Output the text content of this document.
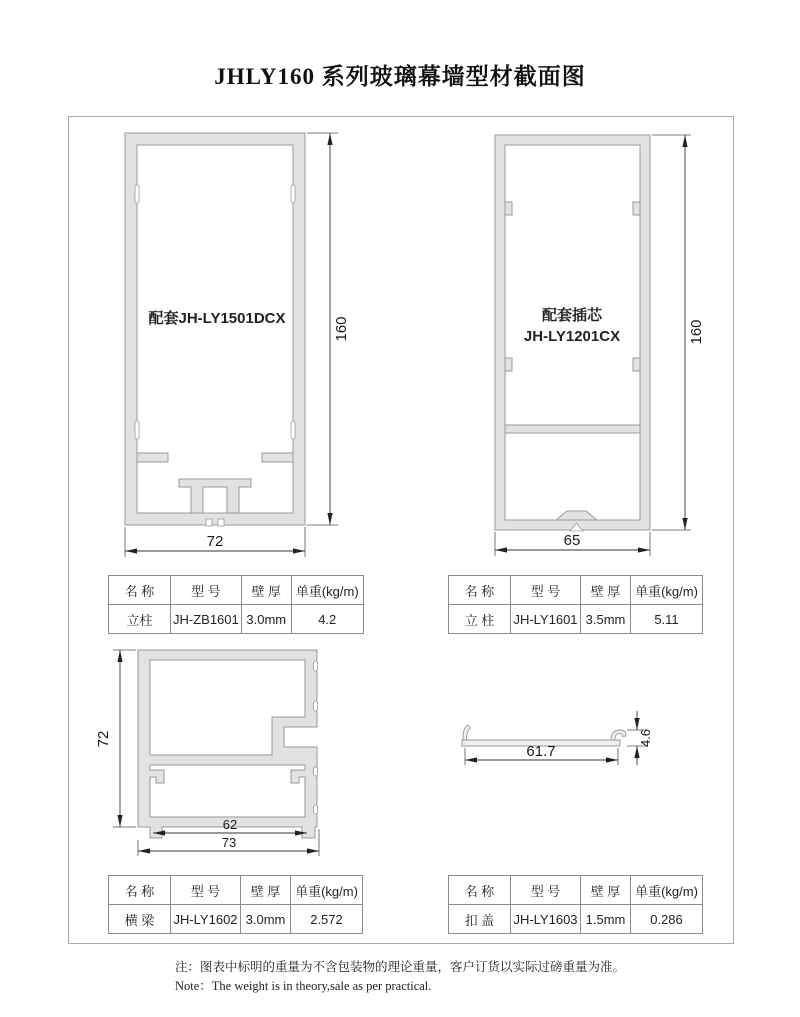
JHLY160 系列玻璃幕墙型材截面图
配套JH-LY1501DCX	160
72
配套插芯
JH-LY1201CX	160
65
72
62
73
61.7
4.6
名 称	型 号	壁 厚	单重(kg/m)
立柱	JH-ZB1601	3.0mm	4.2
名 称	型 号	壁 厚	单重(kg/m)
立 柱	JH-LY1601	3.5mm	5.11
名 称	型 号	壁 厚	单重(kg/m)
横 梁	JH-LY1602	3.0mm	2.572
名 称	型 号	壁 厚	单重(kg/m)
扣 盖	JH-LY1603	1.5mm	0.286
注：图表中标明的重量为不含包装物的理论重量，客户订货以实际过磅重量为准。
Note：The weight is in theory,sale as per practical.
